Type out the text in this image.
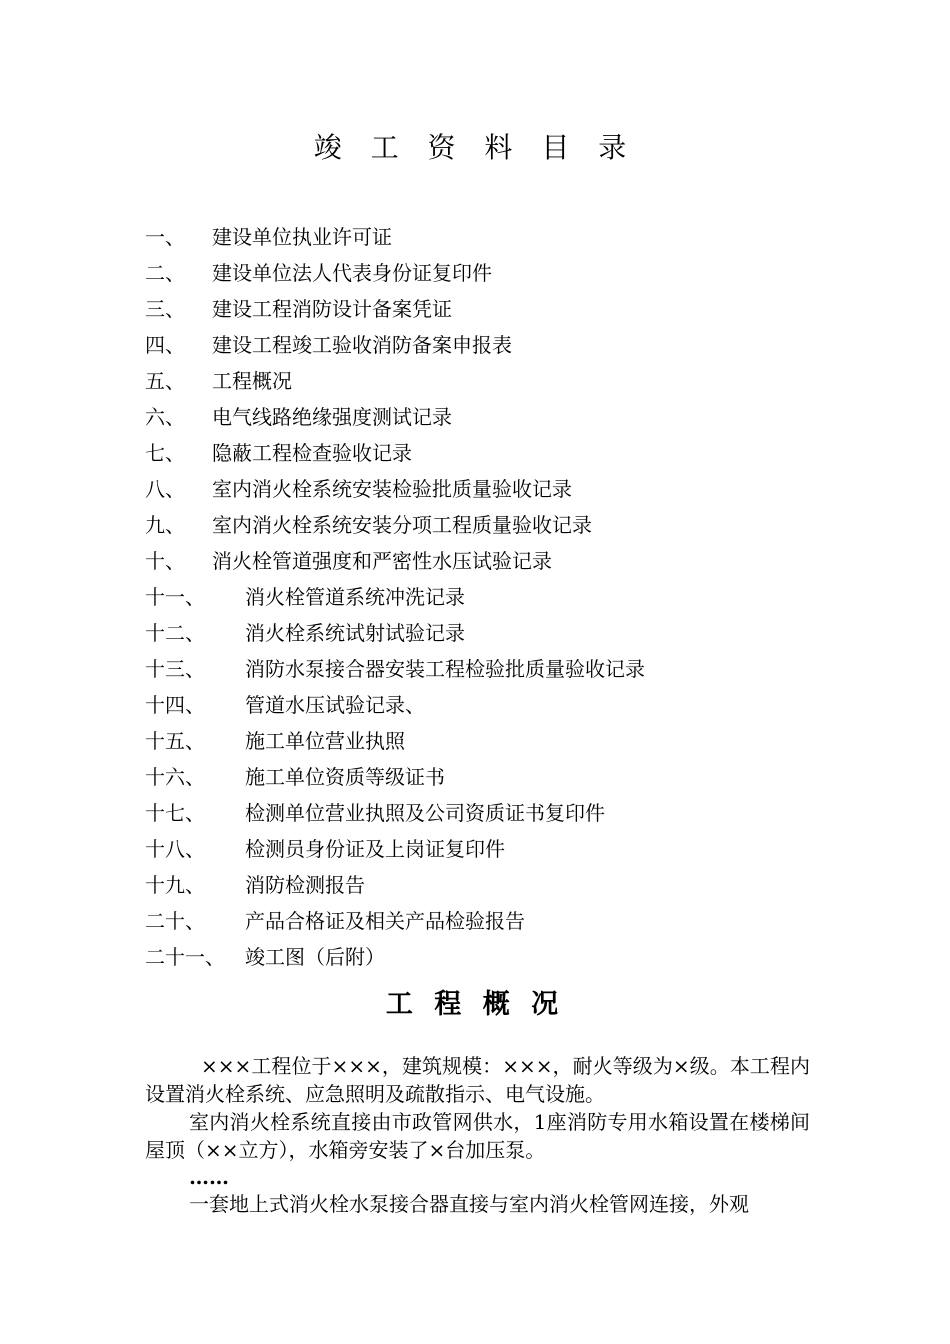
竣 工 资 料 目 录
一、 建设单位执业许可证
二、 建设单位法人代表身份证复印件
三、 建设工程消防设计备案凭证
四、 建设工程竣工验收消防备案申报表
五、 工程概况
六、 电气线路绝缘强度测试记录
七、 隐蔽工程检查验收记录
八、 室内消火栓系统安装检验批质量验收记录
九、 室内消火栓系统安装分项工程质量验收记录
十、 消火栓管道强度和严密性水压试验记录
十一、 消火栓管道系统冲洗记录
十二、 消火栓系统试射试验记录
十三、 消防水泵接合器安装工程检验批质量验收记录
十四、 管道水压试验记录、
十五、 施工单位营业执照
十六、 施工单位资质等级证书
十七、 检测单位营业执照及公司资质证书复印件
十八、 检测员身份证及上岗证复印件
十九、 消防检测报告
二十、 产品合格证及相关产品检验报告
二十一、 竣工图（后附）
工 程 概 况

×××工程位于×××，建筑规模：×××，耐火等级为×级。本工程内设置消火栓系统、应急照明及疏散指示、电气设施。

室内消火栓系统直接由市政管网供水，1座消防专用水箱设置在楼梯间屋顶（××立方），水箱旁安装了×台加压泵。

……

一套地上式消火栓水泵接合器直接与室内消火栓管网连接，外观
